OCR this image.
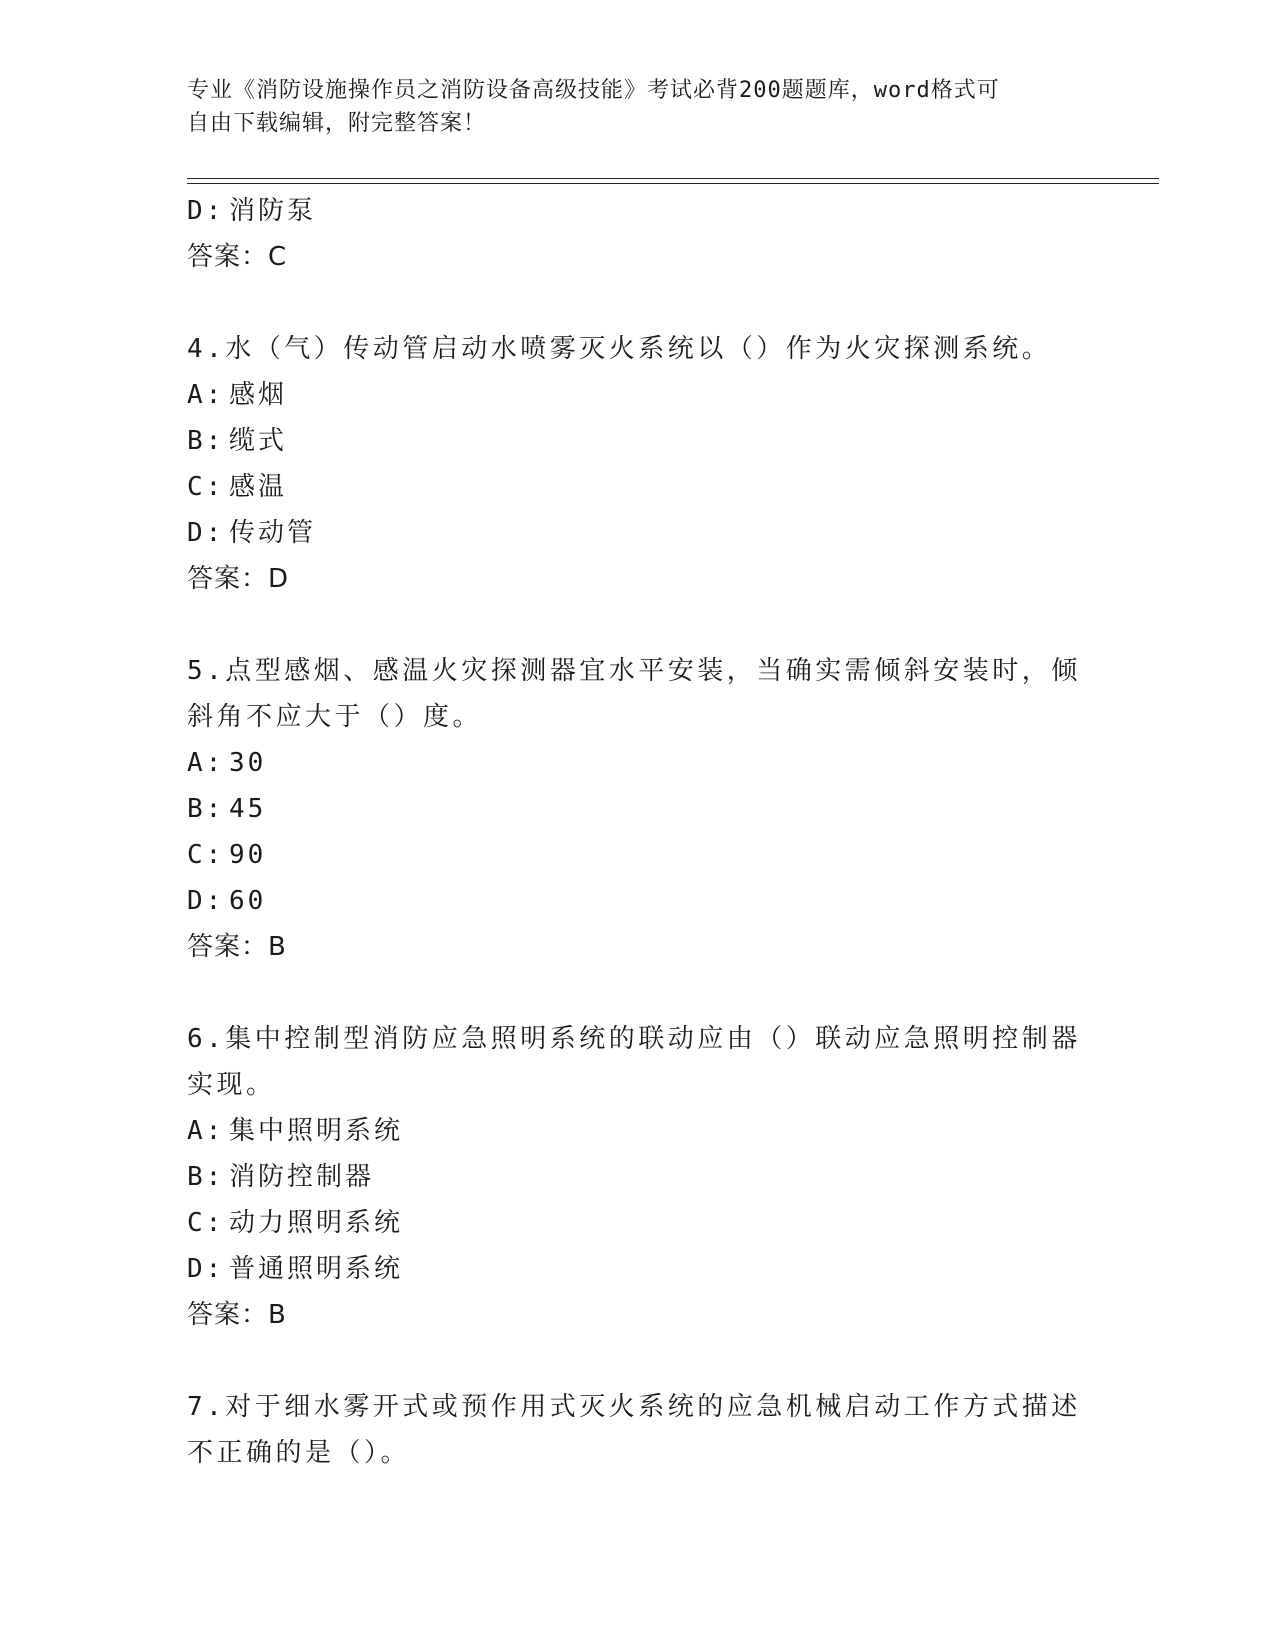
专业《消防设施操作员之消防设备高级技能》考试必背200题题库，word格式可
自由下载编辑，附完整答案！
D: 消防泵
答案：C
4.水（气）传动管启动水喷雾灭火系统以（）作为火灾探测系统。
A: 感烟
B: 缆式
C: 感温
D: 传动管
答案：D
5.点型感烟、感温火灾探测器宜水平安装，当确实需倾斜安装时，倾
斜角不应大于（）度。
A: 30
B: 45
C: 90
D: 60
答案：B
6.集中控制型消防应急照明系统的联动应由（）联动应急照明控制器
实现。
A: 集中照明系统
B: 消防控制器
C: 动力照明系统
D: 普通照明系统
答案：B
7.对于细水雾开式或预作用式灭火系统的应急机械启动工作方式描述
不正确的是（）。
